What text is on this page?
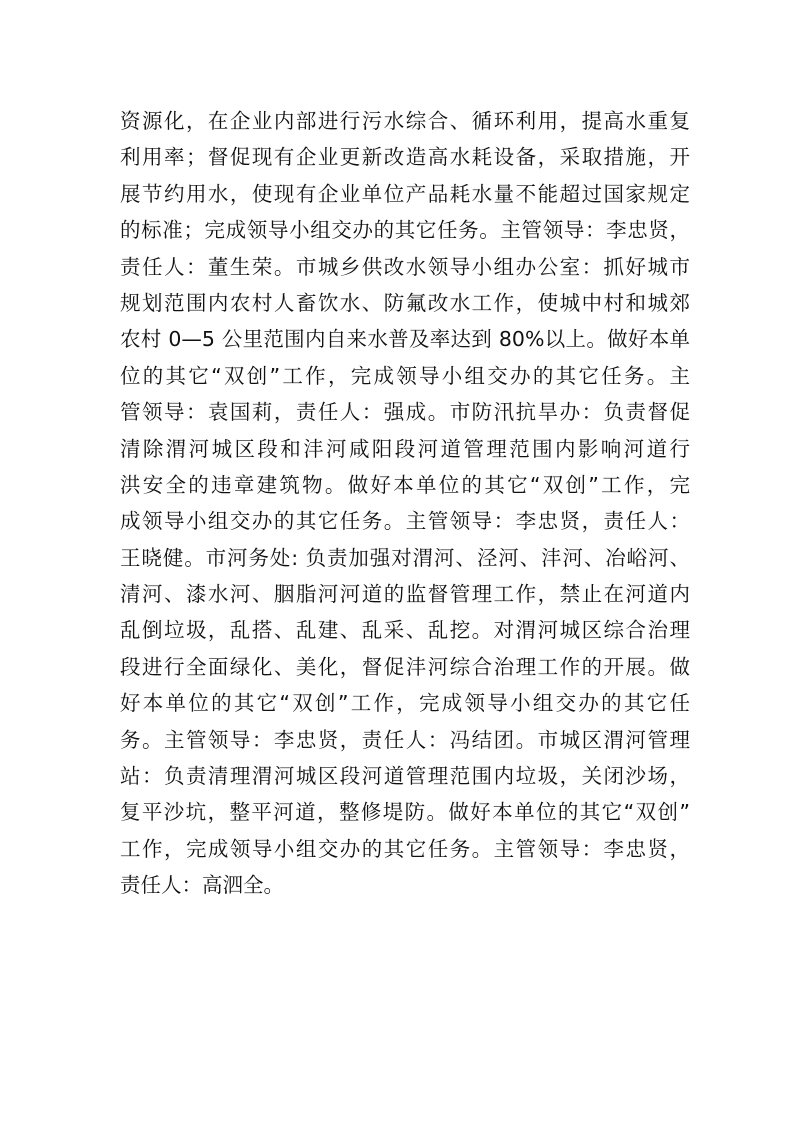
资源化，在企业内部进行污水综合、循环利用，提高水重复
利用率；督促现有企业更新改造高水耗设备，采取措施，开
展节约用水，使现有企业单位产品耗水量不能超过国家规定
的标准；完成领导小组交办的其它任务。主管领导：李忠贤，
责任人：董生荣。市城乡供改水领导小组办公室：抓好城市
规划范围内农村人畜饮水、防氟改水工作，使城中村和城郊
农村 0—5 公里范围内自来水普及率达到 80%以上。做好本单
位的其它“双创”工作，完成领导小组交办的其它任务。主
管领导：袁国莉，责任人：强成。市防汛抗旱办：负责督促
清除渭河城区段和沣河咸阳段河道管理范围内影响河道行
洪安全的违章建筑物。做好本单位的其它“双创”工作，完
成领导小组交办的其它任务。主管领导：李忠贤，责任人：
王晓健。市河务处: 负责加强对渭河、泾河、沣河、冶峪河、
清河、漆水河、胭脂河河道的监督管理工作，禁止在河道内
乱倒垃圾，乱搭、乱建、乱采、乱挖。对渭河城区综合治理
段进行全面绿化、美化，督促沣河综合治理工作的开展。做
好本单位的其它“双创”工作，完成领导小组交办的其它任
务。主管领导：李忠贤，责任人：冯结团。市城区渭河管理
站：负责清理渭河城区段河道管理范围内垃圾，关闭沙场，
复平沙坑，整平河道，整修堤防。做好本单位的其它“双创”
工作，完成领导小组交办的其它任务。主管领导：李忠贤，
责任人：高泗全。
